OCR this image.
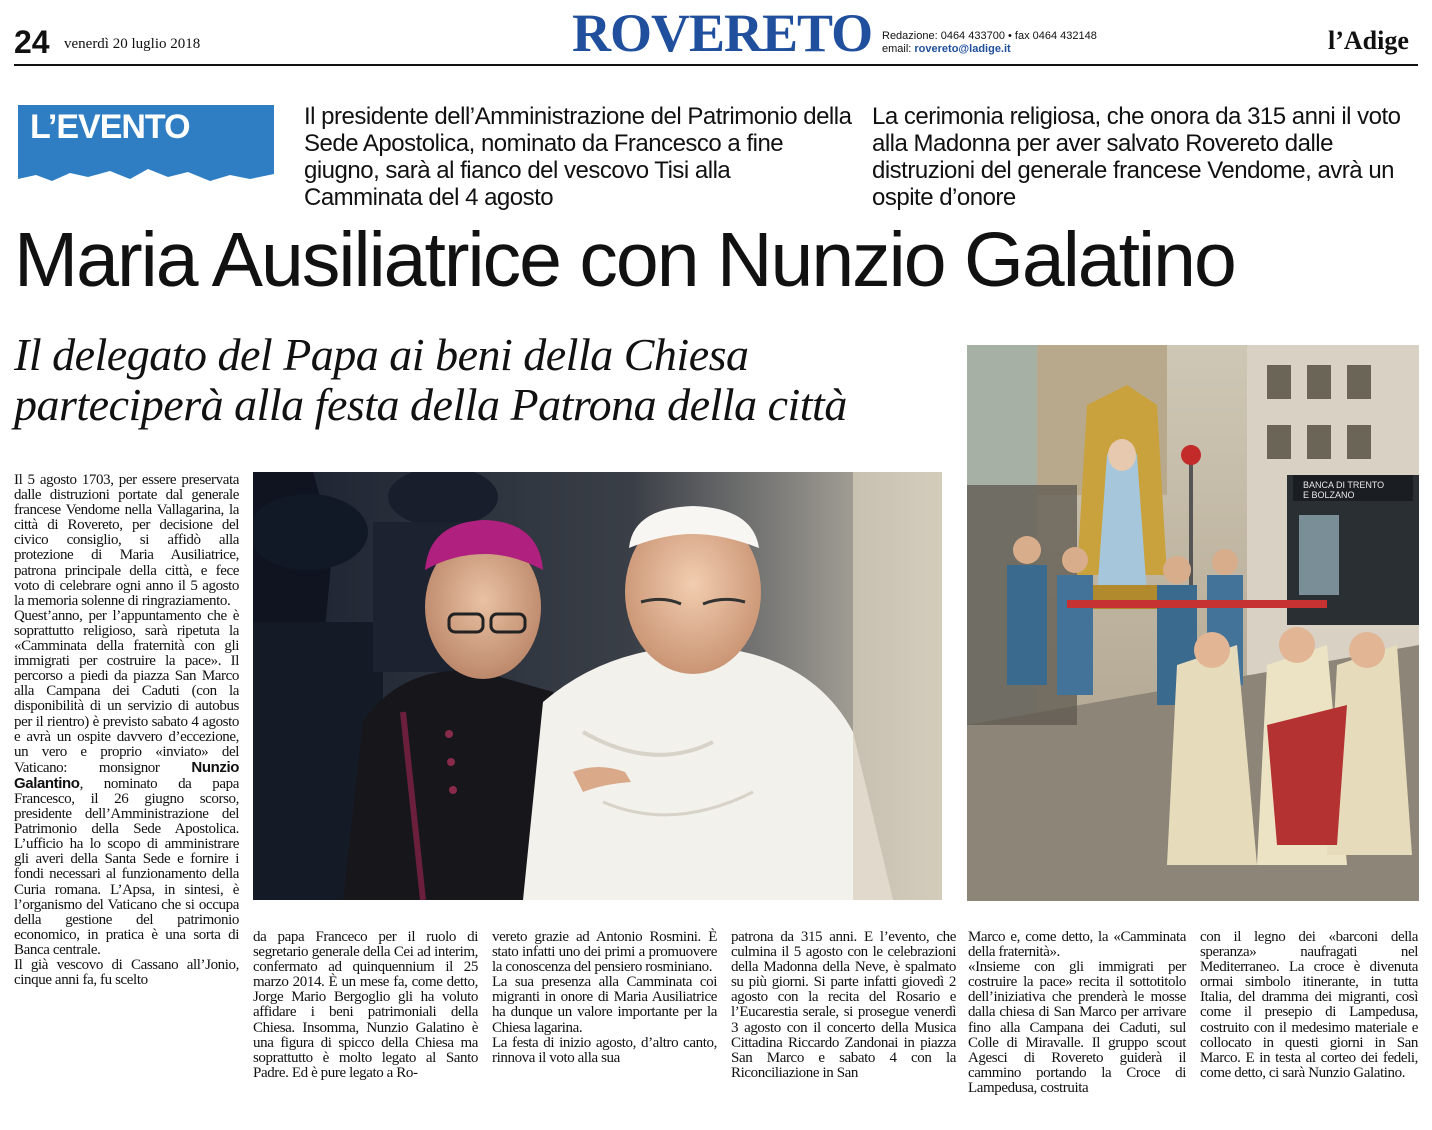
24 venerdì 20 luglio 2018	ROVERETO Redazione: 0464 433700 • fax 0464 432148
email: rovereto@ladige.it	l’Adige
L’EVENTO	Il presidente dell’Amministrazione del Patrimonio della Sede Apostolica, nominato da Francesco a fine giugno, sarà al fianco del vescovo Tisi alla Camminata del 4 agosto
La cerimonia religiosa, che onora da 315 anni il voto alla Madonna per aver salvato Rovereto dalle distruzioni del generale francese Vendome, avrà un ospite d’onore
Maria Ausiliatrice con Nunzio Galatino
Il delegato del Papa ai beni della Chiesa
parteciperà alla festa della Patrona della città
BANCA DI TRENTO
E BOLZANO

Il 5 agosto 1703, per essere preservata dalle distruzioni portate dal generale francese Vendome nella Vallagarina, la città di Rovereto, per decisione del civico consiglio, si affidò alla protezione di Maria Ausiliatrice, patrona principale della città, e fece voto di celebrare ogni anno il 5 agosto la memoria solenne di ringraziamento.

Quest’anno, per l’appuntamento che è soprattutto religioso, sarà ripetuta la «Camminata della fraternità con gli immigrati per costruire la pace». Il percorso a piedi da piazza San Marco alla Campana dei Caduti (con la disponibilità di un servizio di autobus per il rientro) è previsto sabato 4 agosto e avrà un ospite davvero d’eccezione, un vero e proprio «inviato» del Vaticano: monsignor Nunzio Galantino, nominato da papa Francesco, il 26 giugno scorso, presidente dell’Amministrazione del Patrimonio della Sede Apostolica. L’ufficio ha lo scopo di amministrare gli averi della Santa Sede e fornire i fondi necessari al funzionamento della Curia romana. L’Apsa, in sintesi, è l’organismo del Vaticano che si occupa della gestione del patrimonio economico, in pratica è una sorta di Banca centrale.

Il già vescovo di Cassano all’Jonio, cinque anni fa, fu scelto

da papa Franceco per il ruolo di segretario generale della Cei ad interim, confermato ad quinquennium il 25 marzo 2014. È un mese fa, come detto, Jorge Mario Bergoglio gli ha voluto affidare i beni patrimoniali della Chiesa. Insomma, Nunzio Galatino è una figura di spicco della Chiesa ma soprattutto è molto legato al Santo Padre. Ed è pure legato a Ro-

vereto grazie ad Antonio Rosmini. È stato infatti uno dei primi a promuovere la conoscenza del pensiero rosminiano.

La sua presenza alla Camminata coi migranti in onore di Maria Ausiliatrice ha dunque un valore importante per la Chiesa lagarina.

La festa di inizio agosto, d’altro canto, rinnova il voto alla sua

patrona da 315 anni. E l’evento, che culmina il 5 agosto con le celebrazioni della Madonna della Neve, è spalmato su più giorni. Si parte infatti giovedì 2 agosto con la recita del Rosario e l’Eucarestia serale, si prosegue venerdì 3 agosto con il concerto della Musica Cittadina Riccardo Zandonai in piazza San Marco e sabato 4 con la Riconciliazione in San

Marco e, come detto, la «Camminata della fraternità».

«Insieme con gli immigrati per costruire la pace» recita il sottotitolo dell’iniziativa che prenderà le mosse dalla chiesa di San Marco per arrivare fino alla Campana dei Caduti, sul Colle di Miravalle. Il gruppo scout Agesci di Rovereto guiderà il cammino portando la Croce di Lampedusa, costruita

con il legno dei «barconi della speranza» naufragati nel Mediterraneo. La croce è divenuta ormai simbolo itinerante, in tutta Italia, del dramma dei migranti, così come il presepio di Lampedusa, costruito con il medesimo materiale e collocato in questi giorni in San Marco. E in testa al corteo dei fedeli, come detto, ci sarà Nunzio Galatino.
